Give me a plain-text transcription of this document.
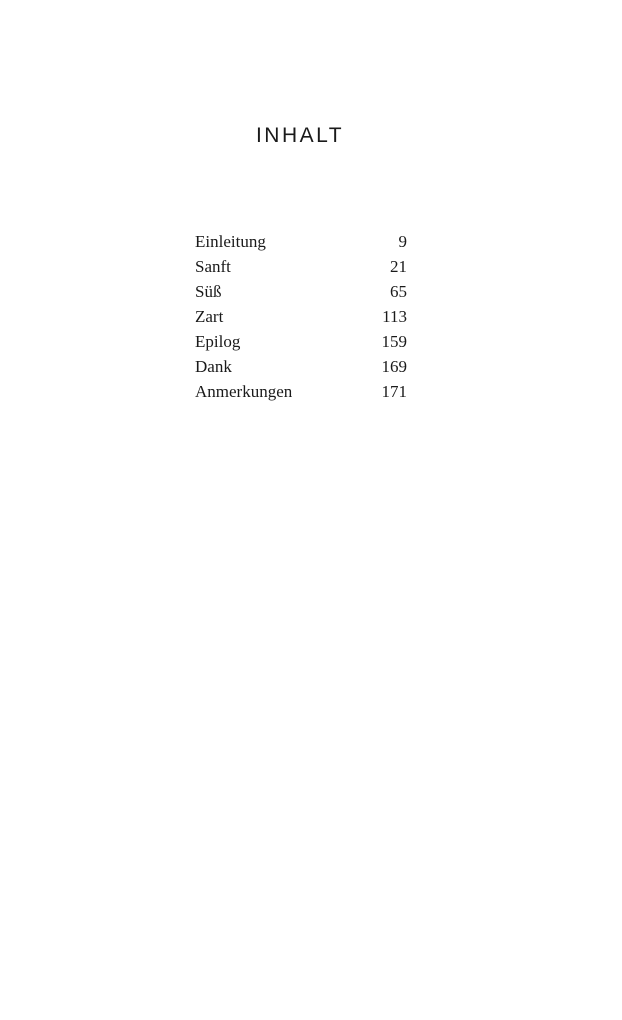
INHALT
Einleitung	9
Sanft	21
Süß	65
Zart	113
Epilog	159
Dank	169
Anmerkungen	171
